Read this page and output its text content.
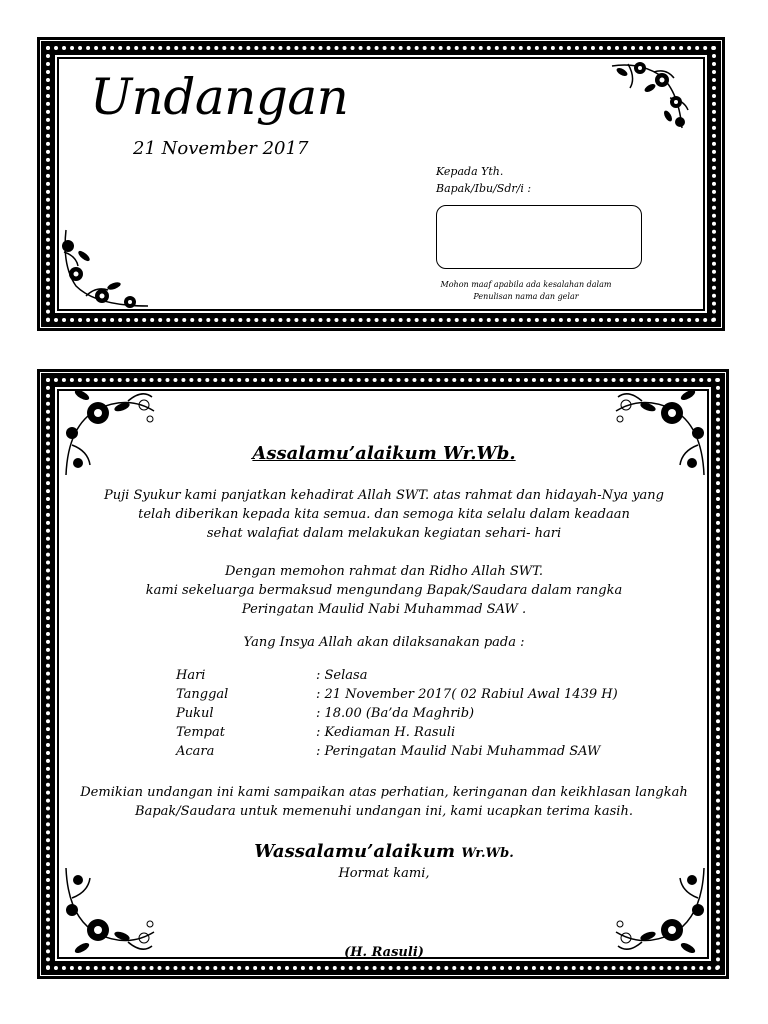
Undangan
21 November 2017
Kepada Yth.
Bapak/Ibu/Sdr/i :
Mohon maaf apabila ada kesalahan dalam
Penulisan nama dan gelar
Assalamu’alaikum Wr.Wb.
Puji Syukur kami panjatkan kehadirat Allah SWT. atas rahmat dan hidayah-Nya yang
telah diberikan kepada kita semua. dan semoga kita selalu dalam keadaan
sehat walafiat dalam melakukan kegiatan sehari- hari
Dengan memohon rahmat dan Ridho Allah SWT.
kami sekeluarga bermaksud mengundang Bapak/Saudara dalam rangka
Peringatan Maulid Nabi Muhammad SAW .
Yang Insya Allah akan dilaksanakan pada :
Hari	: Selasa
Tanggal	: 21 November 2017( 02 Rabiul Awal 1439 H)
Pukul	: 18.00 (Ba’da Maghrib)
Tempat	: Kediaman H. Rasuli
Acara	: Peringatan Maulid Nabi Muhammad SAW
Demikian undangan ini kami sampaikan atas perhatian, keringanan dan keikhlasan langkah
Bapak/Saudara untuk memenuhi undangan ini, kami ucapkan terima kasih.
Wassalamu’alaikum Wr.Wb.
Hormat kami,
(H. Rasuli)
